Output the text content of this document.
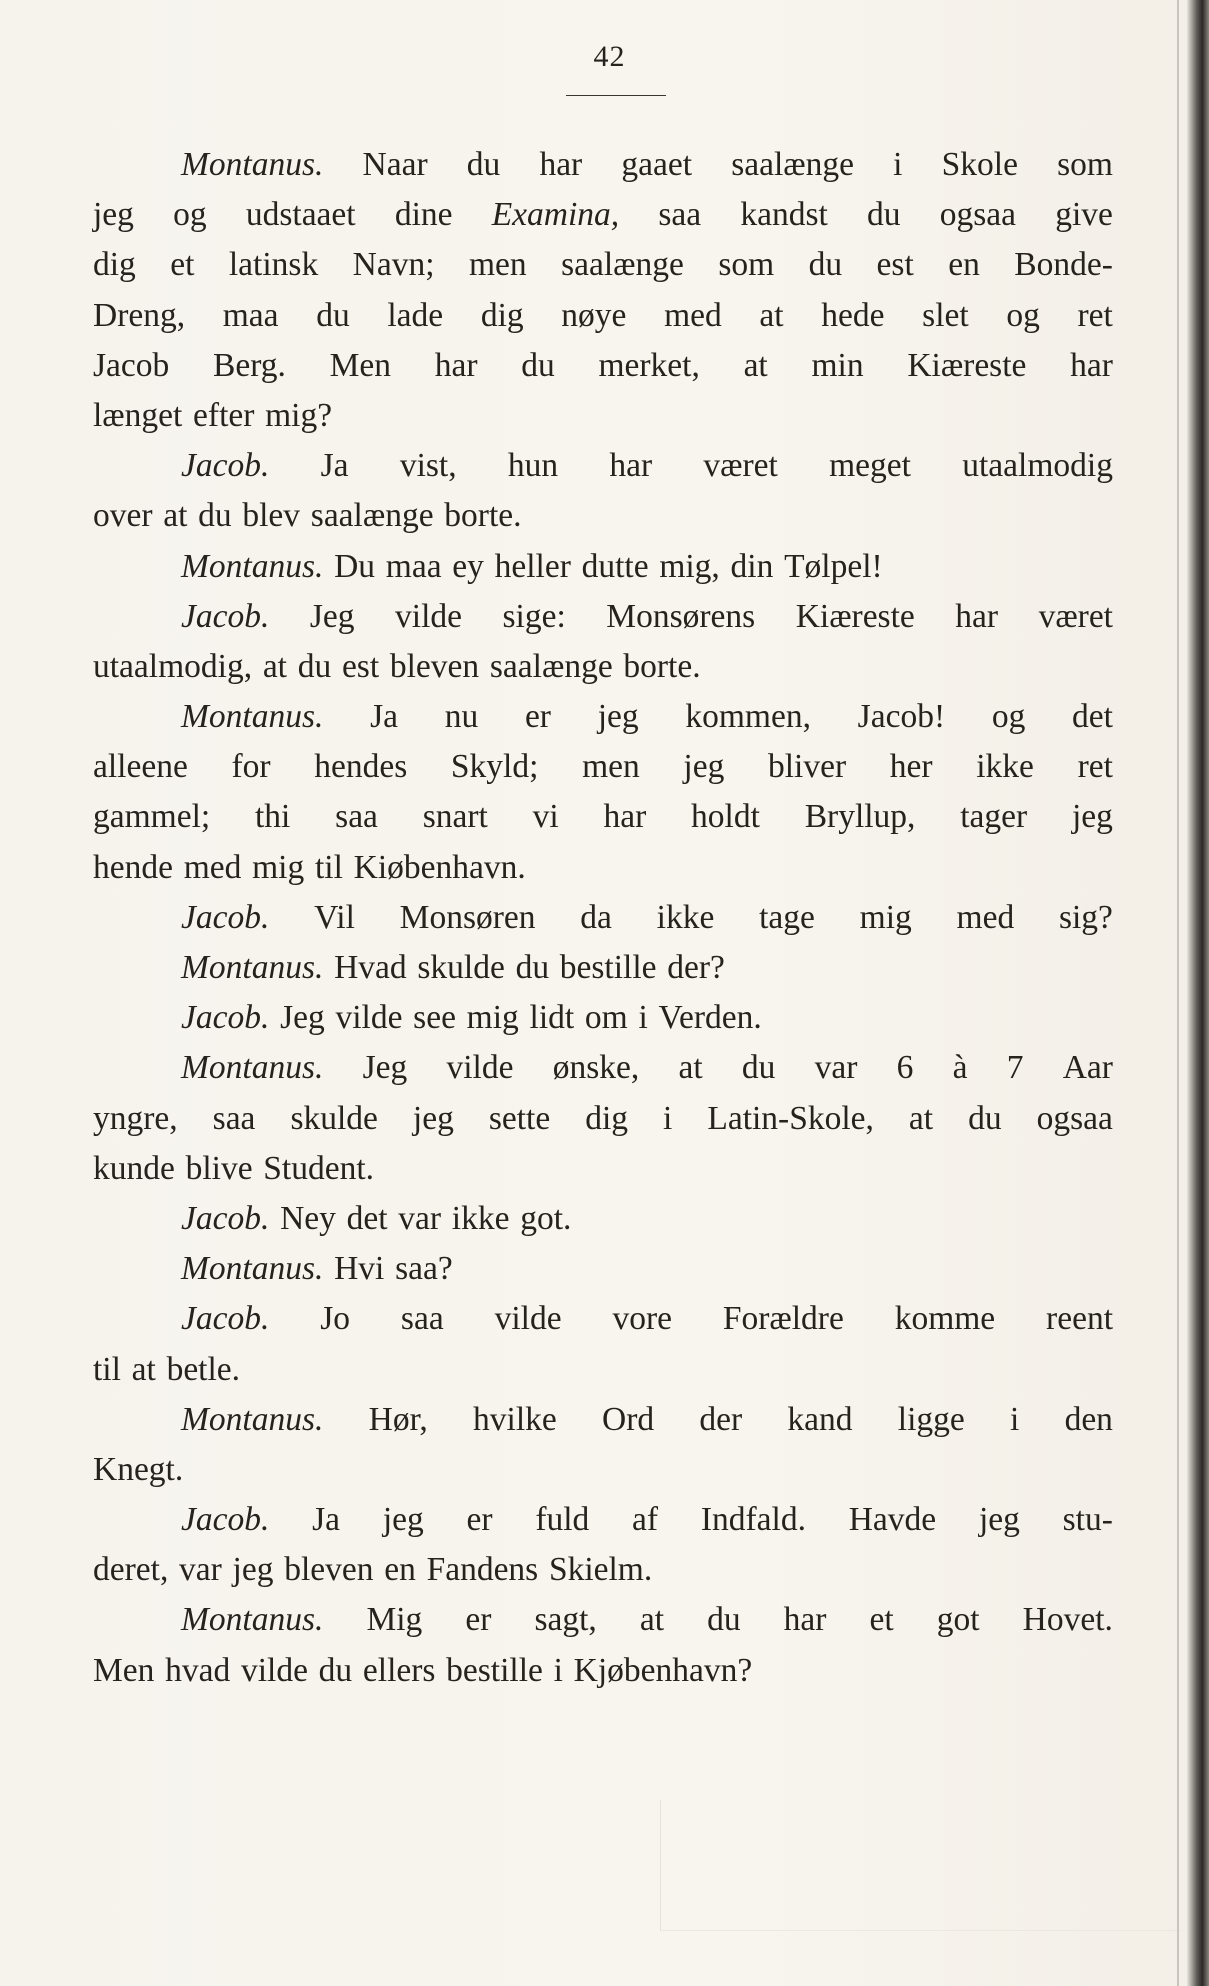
42
Montanus. Naar du har gaaet saalænge i Skole som
jeg og udstaaet dine Examina, saa kandst du ogsaa give
dig et latinsk Navn; men saalænge som du est en Bonde-
Dreng, maa du lade dig nøye med at hede slet og ret
Jacob Berg. Men har du merket, at min Kiæreste har
længet efter mig?
Jacob. Ja vist, hun har været meget utaalmodig
over at du blev saalænge borte.
Montanus. Du maa ey heller dutte mig, din Tølpel!
Jacob. Jeg vilde sige: Monsørens Kiæreste har været
utaalmodig, at du est bleven saalænge borte.
Montanus. Ja nu er jeg kommen, Jacob! og det
alleene for hendes Skyld; men jeg bliver her ikke ret
gammel; thi saa snart vi har holdt Bryllup, tager jeg
hende med mig til Kiøbenhavn.
Jacob. Vil Monsøren da ikke tage mig med sig?
Montanus. Hvad skulde du bestille der?
Jacob. Jeg vilde see mig lidt om i Verden.
Montanus. Jeg vilde ønske, at du var 6 à 7 Aar
yngre, saa skulde jeg sette dig i Latin-Skole, at du ogsaa
kunde blive Student.
Jacob. Ney det var ikke got.
Montanus. Hvi saa?
Jacob. Jo saa vilde vore Forældre komme reent
til at betle.
Montanus. Hør, hvilke Ord der kand ligge i den
Knegt.
Jacob. Ja jeg er fuld af Indfald. Havde jeg stu-
deret, var jeg bleven en Fandens Skielm.
Montanus. Mig er sagt, at du har et got Hovet.
Men hvad vilde du ellers bestille i Kjøbenhavn?
